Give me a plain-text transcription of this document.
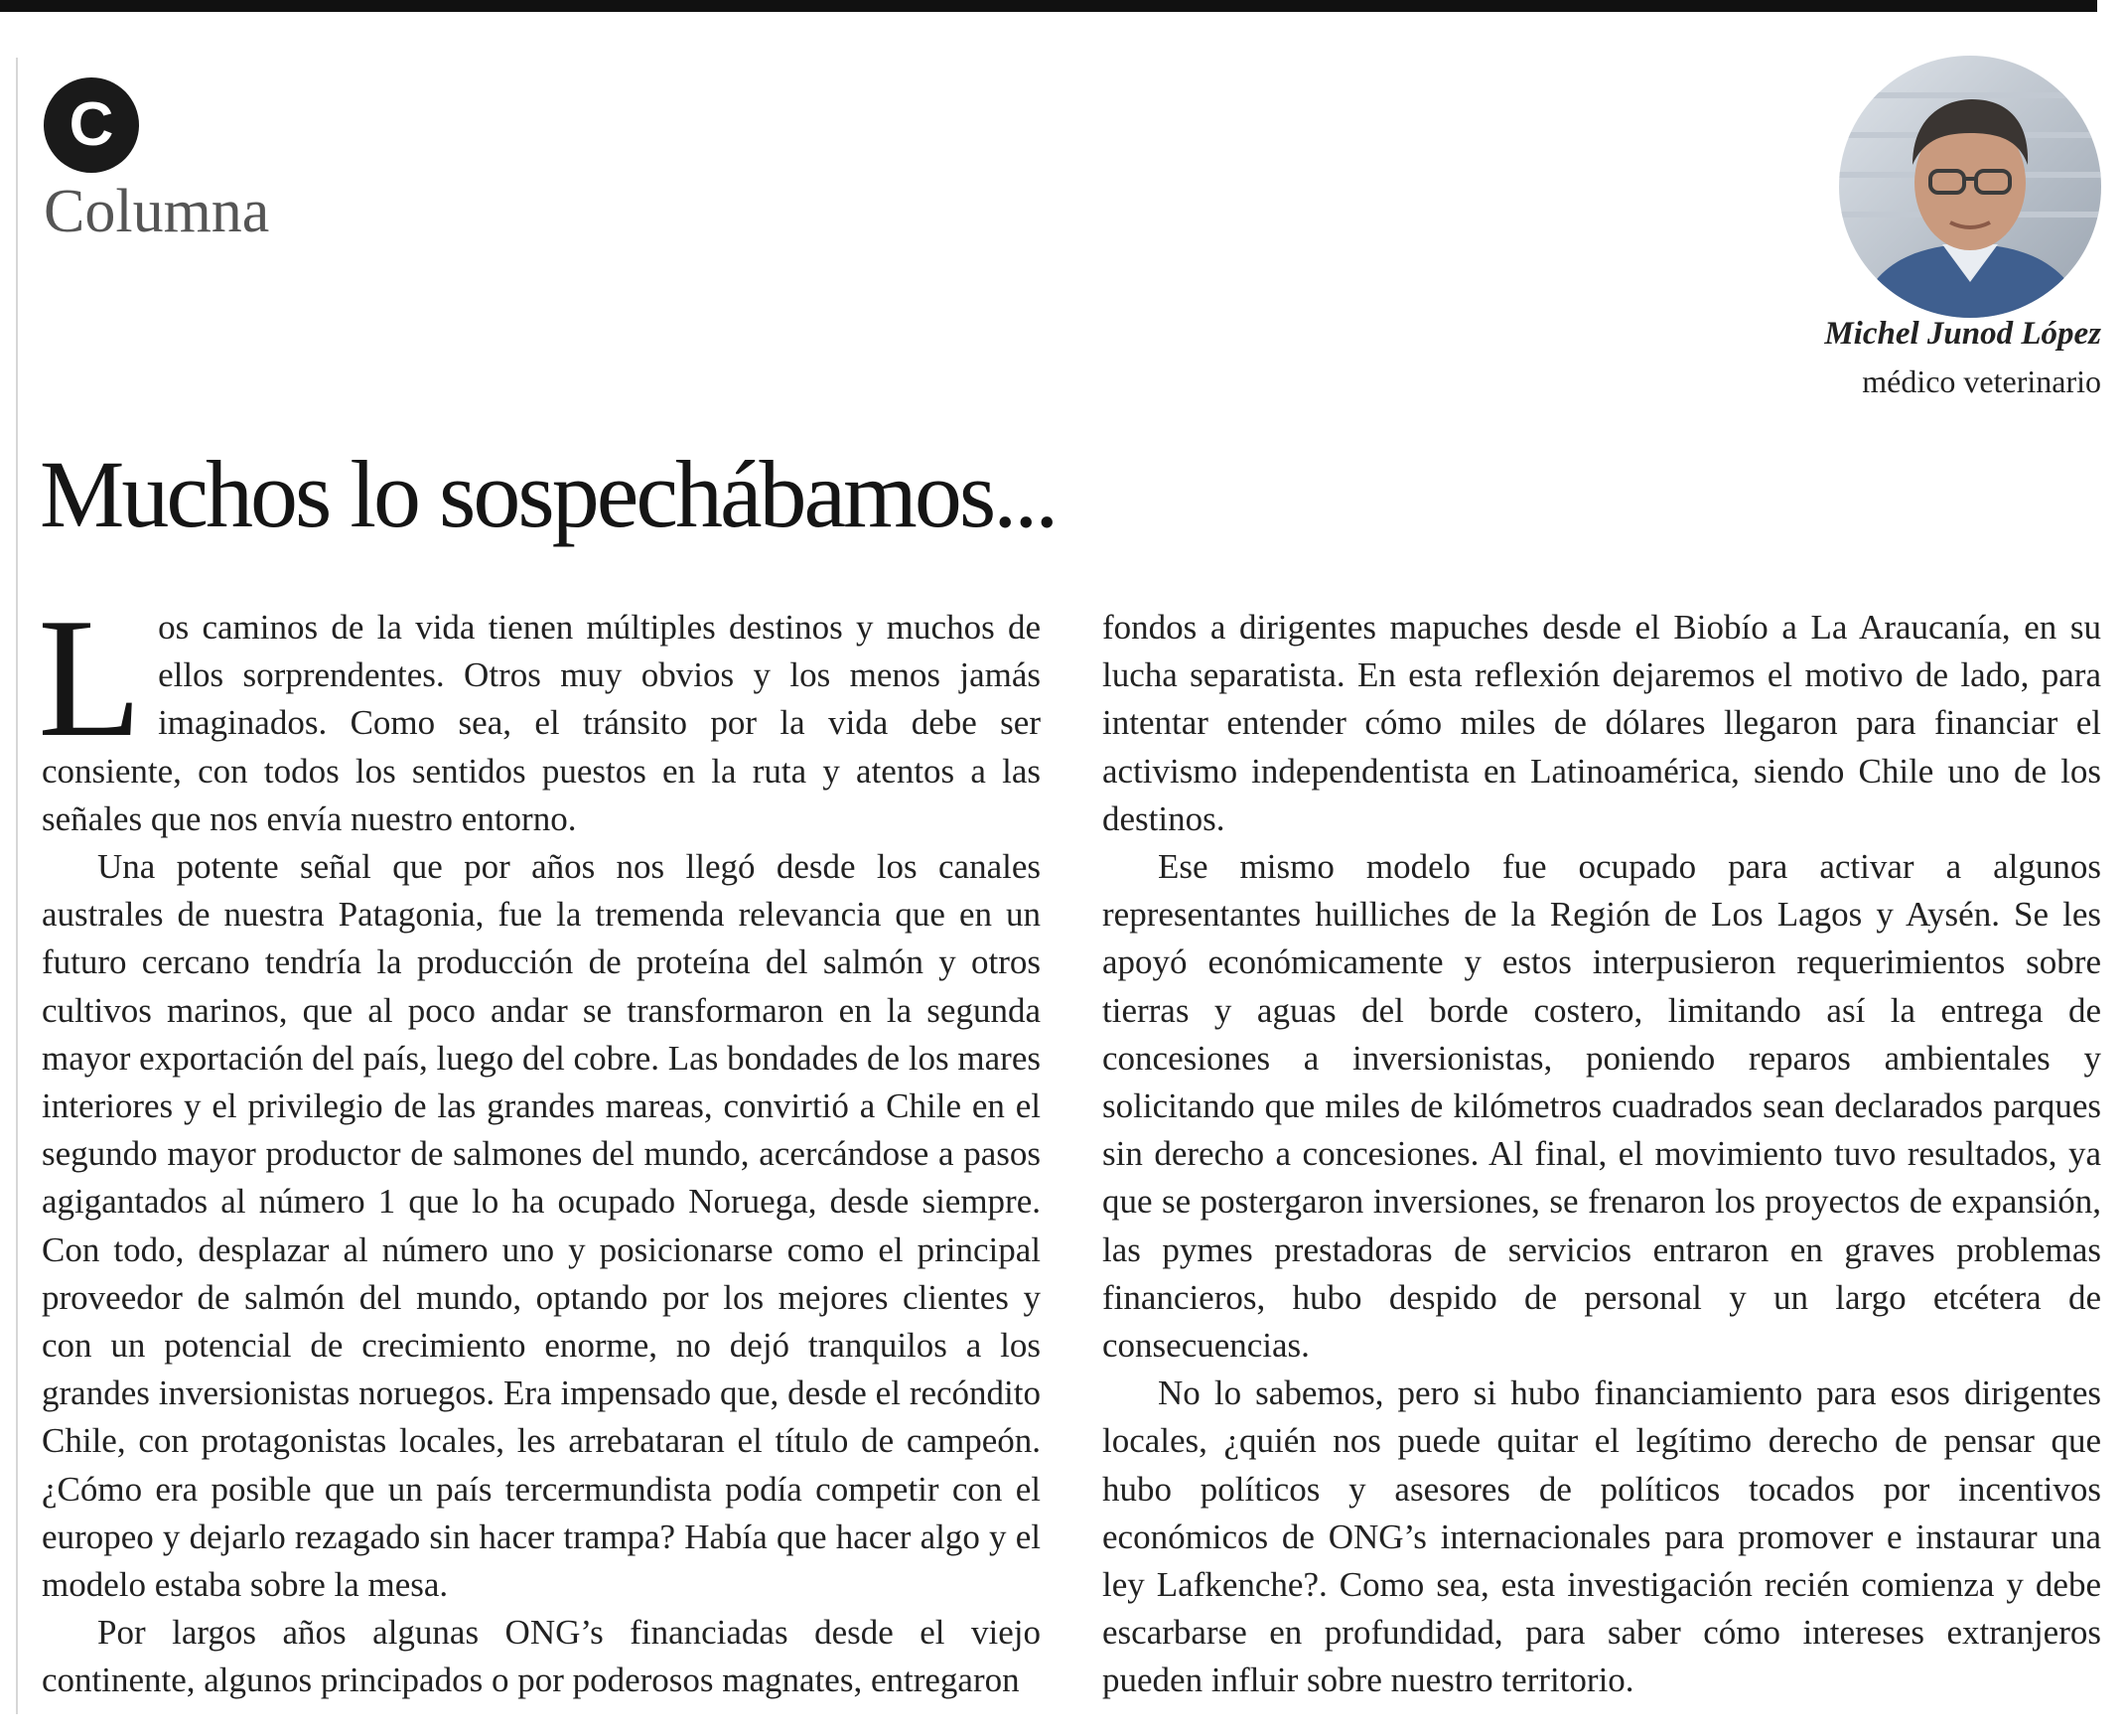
C
Columna
Michel Junod López
médico veterinario
Muchos lo sospechábamos...

Los caminos de la vida tienen múltiples destinos y muchos de ellos sorprendentes. Otros muy obvios y los menos jamás imaginados. Como sea, el tránsito por la vida debe ser consiente, con todos los sentidos puestos en la ruta y atentos a las señales que nos envía nuestro entorno.

Una potente señal que por años nos llegó desde los canales australes de nuestra Patagonia, fue la tremenda relevancia que en un futuro cercano tendría la producción de proteína del salmón y otros cultivos marinos, que al poco andar se transformaron en la segunda mayor exportación del país, luego del cobre. Las bondades de los mares interiores y el privilegio de las grandes mareas, convirtió a Chile en el segundo mayor productor de salmones del mundo, acercándose a pasos agigantados al número 1 que lo ha ocupado Noruega, desde siempre. Con todo, desplazar al número uno y posicionarse como el principal proveedor de salmón del mundo, optando por los mejores clientes y con un potencial de crecimiento enorme, no dejó tranquilos a los grandes inversionistas noruegos. Era impensado que, desde el recóndito Chile, con protagonistas locales, les arrebataran el título de campeón. ¿Cómo era posible que un país tercermundista podía competir con el europeo y dejarlo rezagado sin hacer trampa? Había que hacer algo y el modelo estaba sobre la mesa.

Por largos años algunas ONG’s financiadas desde el viejo continente, algunos principados o por poderosos magnates, entregaron

fondos a dirigentes mapuches desde el Biobío a La Araucanía, en su lucha separatista. En esta reflexión dejaremos el motivo de lado, para intentar entender cómo miles de dólares llegaron para financiar el activismo independentista en Latinoamérica, siendo Chile uno de los destinos.

Ese mismo modelo fue ocupado para activar a algunos representantes huilliches de la Región de Los Lagos y Aysén. Se les apoyó económicamente y estos interpusieron requerimientos sobre tierras y aguas del borde costero, limitando así la entrega de concesiones a inversionistas, poniendo reparos ambientales y solicitando que miles de kilómetros cuadrados sean declarados parques sin derecho a concesiones. Al final, el movimiento tuvo resultados, ya que se postergaron inversiones, se frenaron los proyectos de expansión, las pymes prestadoras de servicios entraron en graves problemas financieros, hubo despido de personal y un largo etcétera de consecuencias.

No lo sabemos, pero si hubo financiamiento para esos dirigentes locales, ¿quién nos puede quitar el legítimo derecho de pensar que hubo políticos y asesores de políticos tocados por incentivos económicos de ONG’s internacionales para promover e instaurar una ley Lafkenche?. Como sea, esta investigación recién comienza y debe escarbarse en profundidad, para saber cómo intereses extranjeros pueden influir sobre nuestro territorio.
